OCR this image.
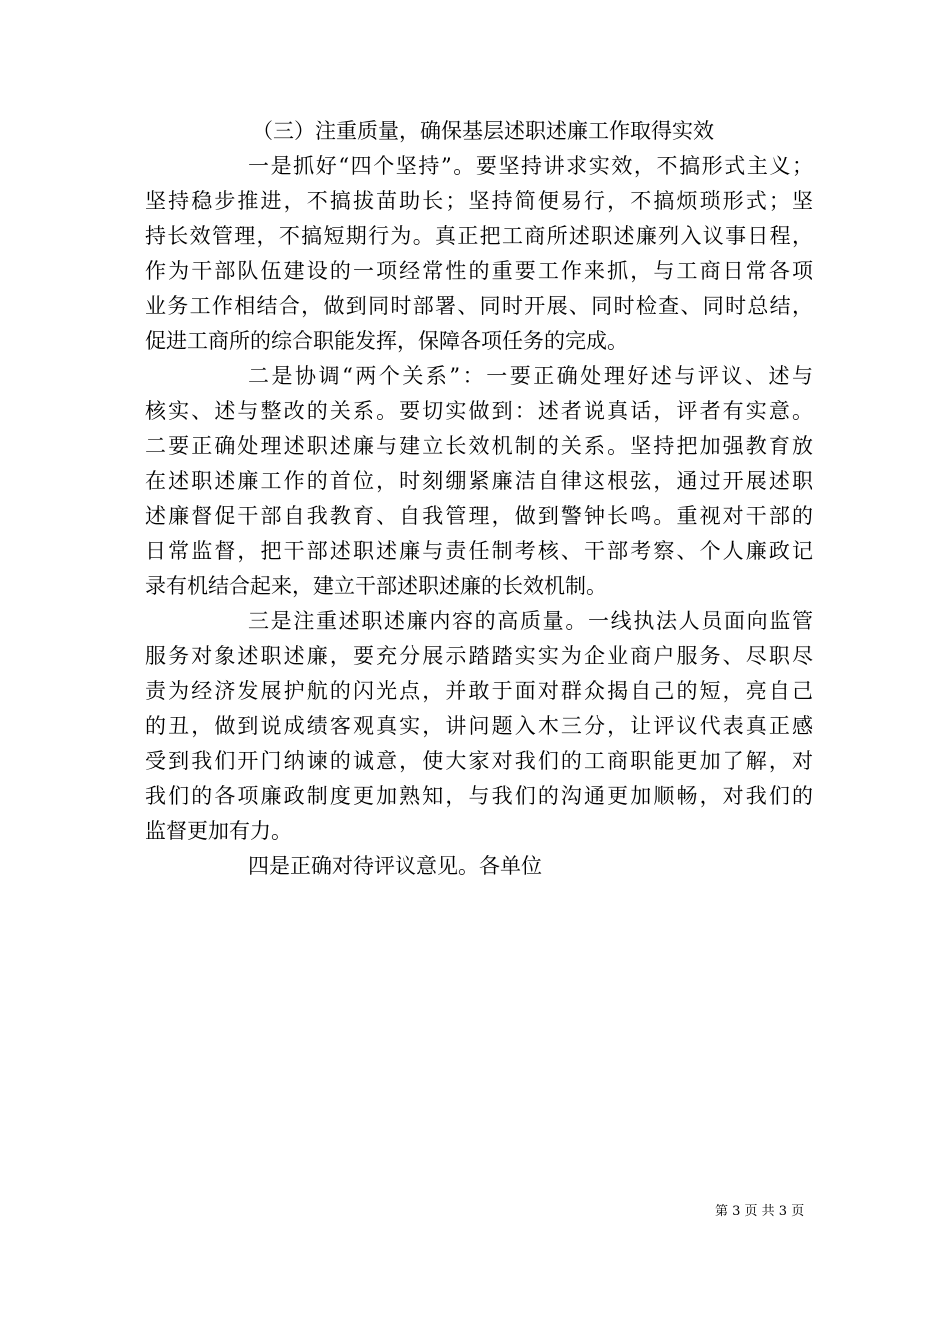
（三）注重质量，确保基层述职述廉工作取得实效
一是抓好“四个坚持”。要坚持讲求实效，不搞形式主义；
坚持稳步推进，不搞拔苗助长；坚持简便易行，不搞烦琐形式；坚
持长效管理，不搞短期行为。真正把工商所述职述廉列入议事日程，
作为干部队伍建设的一项经常性的重要工作来抓，与工商日常各项
业务工作相结合，做到同时部署、同时开展、同时检查、同时总结，
促进工商所的综合职能发挥，保障各项任务的完成。
二是协调“两个关系”：一要正确处理好述与评议、述与
核实、述与整改的关系。要切实做到：述者说真话，评者有实意。
二要正确处理述职述廉与建立长效机制的关系。坚持把加强教育放
在述职述廉工作的首位，时刻绷紧廉洁自律这根弦，通过开展述职
述廉督促干部自我教育、自我管理，做到警钟长鸣。重视对干部的
日常监督，把干部述职述廉与责任制考核、干部考察、个人廉政记
录有机结合起来，建立干部述职述廉的长效机制。
三是注重述职述廉内容的高质量。一线执法人员面向监管
服务对象述职述廉，要充分展示踏踏实实为企业商户服务、尽职尽
责为经济发展护航的闪光点，并敢于面对群众揭自己的短，亮自己
的丑，做到说成绩客观真实，讲问题入木三分，让评议代表真正感
受到我们开门纳谏的诚意，使大家对我们的工商职能更加了解，对
我们的各项廉政制度更加熟知，与我们的沟通更加顺畅，对我们的
监督更加有力。
四是正确对待评议意见。各单位
第 3 页 共 3 页
